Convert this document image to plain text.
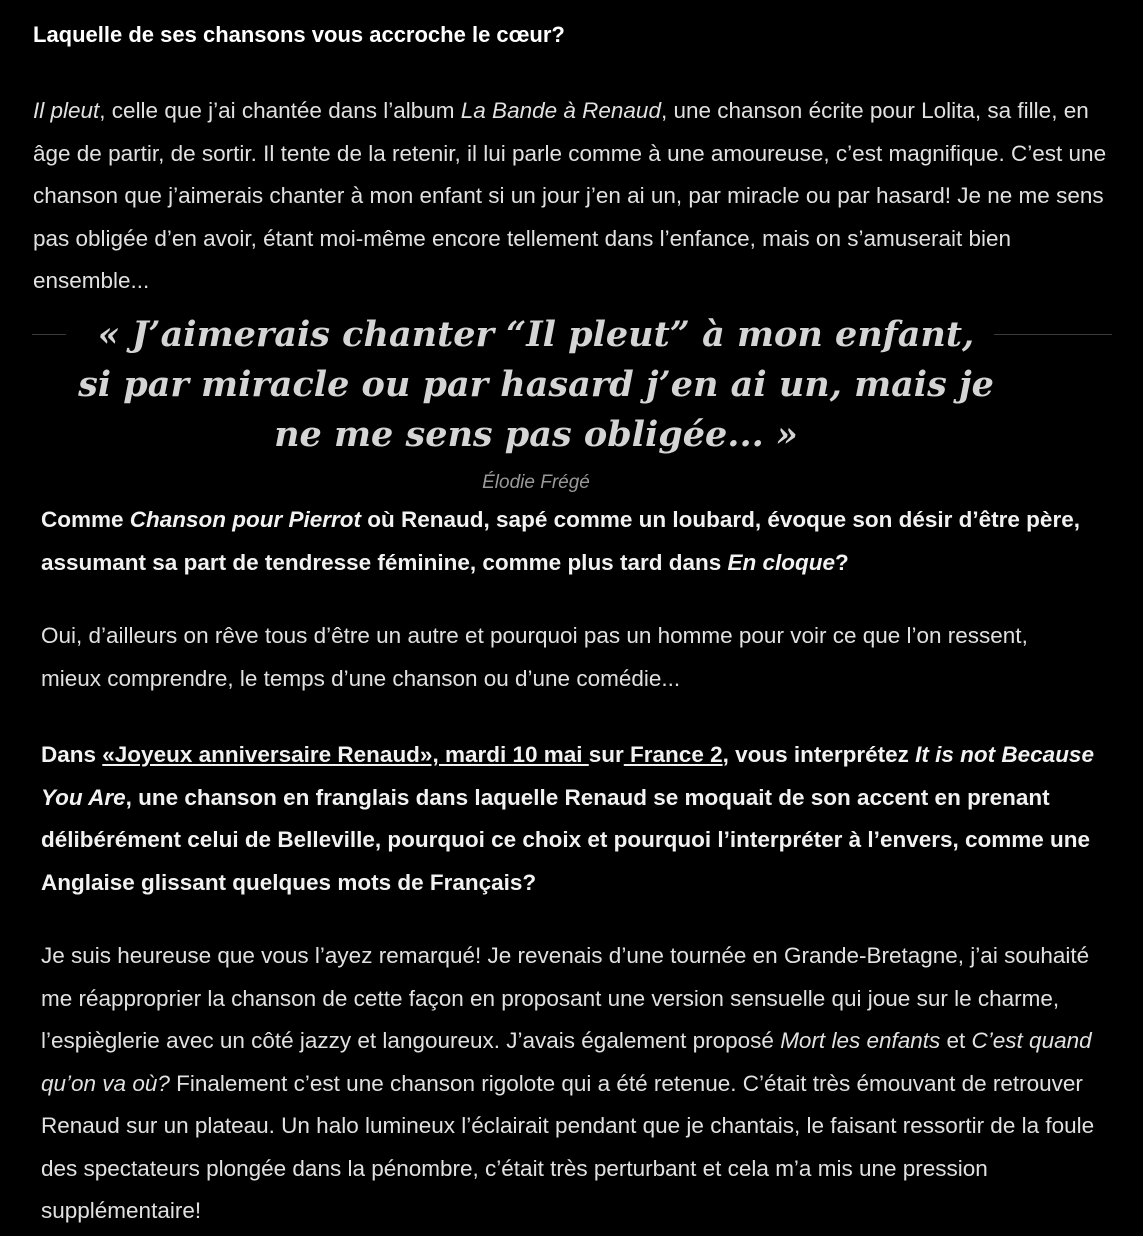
Laquelle de ses chansons vous accroche le cœur?

Il pleut, celle que j’ai chantée dans l’album La Bande à Renaud, une chanson écrite pour Lolita, sa fille, en âge de partir, de sortir. Il tente de la retenir, il lui parle comme à une amoureuse, c’est magnifique. C’est une chanson que j’aimerais chanter à mon enfant si un jour j’en ai un, par miracle ou par hasard! Je ne me sens pas obligée d’en avoir, étant moi-même encore tellement dans l’enfance, mais on s’amuserait bien ensemble...

« J’aimerais chanter “Il pleut” à mon enfant, si par miracle ou par hasard j’en ai un, mais je ne me sens pas obligée... »
Élodie Frégé

Comme Chanson pour Pierrot où Renaud, sapé comme un loubard, évoque son désir d’être père, assumant sa part de tendresse féminine, comme plus tard dans En cloque?

Oui, d’ailleurs on rêve tous d’être un autre et pourquoi pas un homme pour voir ce que l’on ressent, mieux comprendre, le temps d’une chanson ou d’une comédie...

Dans «Joyeux anniversaire Renaud», mardi 10 mai sur France 2, vous interprétez It is not Because You Are, une chanson en franglais dans laquelle Renaud se moquait de son accent en prenant délibérément celui de Belleville, pourquoi ce choix et pourquoi l’interpréter à l’envers, comme une Anglaise glissant quelques mots de Français?

Je suis heureuse que vous l’ayez remarqué! Je revenais d’une tournée en Grande-Bretagne, j’ai souhaité me réapproprier la chanson de cette façon en proposant une version sensuelle qui joue sur le charme, l’espièglerie avec un côté jazzy et langoureux. J’avais également proposé Mort les enfants et C’est quand qu’on va où? Finalement c’est une chanson rigolote qui a été retenue. C’était très émouvant de retrouver Renaud sur un plateau. Un halo lumineux l’éclairait pendant que je chantais, le faisant ressortir de la foule des spectateurs plongée dans la pénombre, c’était très perturbant et cela m’a mis une pression supplémentaire!
